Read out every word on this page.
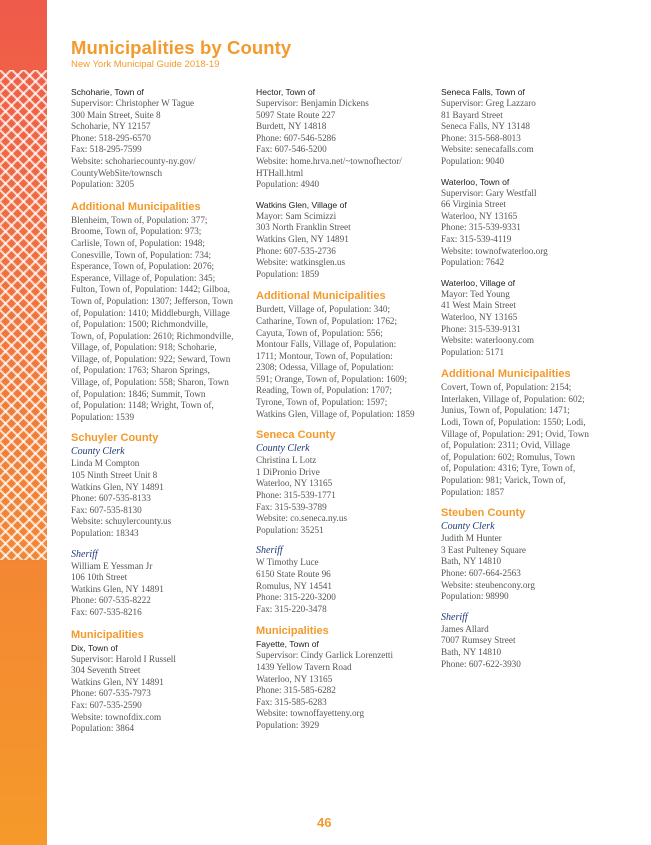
Municipalities by County
New York Municipal Guide 2018-19
Schoharie, Town of
Supervisor: Christopher W Tague
300 Main Street, Suite 8
Schoharie, NY 12157
Phone: 518-295-6570
Fax: 518-295-7599
Website: schohariecounty-ny.gov/
CountyWebSite/townsch
Population: 3205
Additional Municipalities
Blenheim, Town of, Population: 377;
Broome, Town of, Population: 973;
Carlisle, Town of, Population: 1948;
Conesville, Town of, Population: 734;
Esperance, Town of, Population: 2076;
Esperance, Village of, Population: 345;
Fulton, Town of, Population: 1442; Gilboa,
Town of, Population: 1307; Jefferson, Town
of, Population: 1410; Middleburgh, Village
of, Population: 1500; Richmondville,
Town, of, Population: 2610; Richmondville,
Village, of, Population: 918; Schoharie,
Village, of, Population: 922; Seward, Town
of, Population: 1763; Sharon Springs,
Village, of, Population: 558; Sharon, Town
of, Population: 1846; Summit, Town
of, Population: 1148; Wright, Town of,
Population: 1539
Schuyler County
County Clerk
Linda M Compton
105 Ninth Street Unit 8
Watkins Glen, NY 14891
Phone: 607-535-8133
Fax: 607-535-8130
Website: schuylercounty.us
Population: 18343
Sheriff
William E Yessman Jr
106 10th Street
Watkins Glen, NY 14891
Phone: 607-535-8222
Fax: 607-535-8216
Municipalities
Dix, Town of
Supervisor: Harold I Russell
304 Seventh Street
Watkins Glen, NY 14891
Phone: 607-535-7973
Fax: 607-535-2590
Website: townofdix.com
Population: 3864
Hector, Town of
Supervisor: Benjamin Dickens
5097 State Route 227
Burdett, NY 14818
Phone: 607-546-5286
Fax: 607-546-5200
Website: home.hrva.net/~townofhector/
HTHall.html
Population: 4940
Watkins Glen, Village of
Mayor: Sam Scimizzi
303 North Franklin Street
Watkins Glen, NY 14891
Phone: 607-535-2736
Website: watkinsglen.us
Population: 1859
Additional Municipalities
Burdett, Village of, Population: 340;
Catharine, Town of, Population: 1762;
Cayuta, Town of, Population: 556;
Montour Falls, Village of, Population:
1711; Montour, Town of, Population:
2308; Odessa, Village of, Population:
591; Orange, Town of, Population: 1609;
Reading, Town of, Population: 1707;
Tyrone, Town of, Population: 1597;
Watkins Glen, Village of, Population: 1859
Seneca County
County Clerk
Christina L Lotz
1 DiPronio Drive
Waterloo, NY 13165
Phone: 315-539-1771
Fax: 315-539-3789
Website: co.seneca.ny.us
Population: 35251
Sheriff
W Timothy Luce
6150 State Route 96
Romulus, NY 14541
Phone: 315-220-3200
Fax: 315-220-3478
Municipalities
Fayette, Town of
Supervisor: Cindy Garlick Lorenzetti
1439 Yellow Tavern Road
Waterloo, NY 13165
Phone: 315-585-6282
Fax: 315-585-6283
Website: townoffayetteny.org
Population: 3929
Seneca Falls, Town of
Supervisor: Greg Lazzaro
81 Bayard Street
Seneca Falls, NY 13148
Phone: 315-568-8013
Website: senecafalls.com
Population: 9040
Waterloo, Town of
Supervisor: Gary Westfall
66 Virginia Street
Waterloo, NY 13165
Phone: 315-539-9331
Fax: 315-539-4119
Website: townofwaterloo.org
Population: 7642
Waterloo, Village of
Mayor: Ted Young
41 West Main Street
Waterloo, NY 13165
Phone: 315-539-9131
Website: waterloony.com
Population: 5171
Additional Municipalities
Covert, Town of, Population: 2154;
Interlaken, Village of, Population: 602;
Junius, Town of, Population: 1471;
Lodi, Town of, Population: 1550; Lodi,
Village of, Population: 291; Ovid, Town
of, Population: 2311; Ovid, Village
of, Population: 602; Romulus, Town
of, Population: 4316; Tyre, Town of,
Population: 981; Varick, Town of,
Population: 1857
Steuben County
County Clerk
Judith M Hunter
3 East Pulteney Square
Bath, NY 14810
Phone: 607-664-2563
Website: steubencony.org
Population: 98990
Sheriff
James Allard
7007 Rumsey Street
Bath, NY 14810
Phone: 607-622-3930
46
